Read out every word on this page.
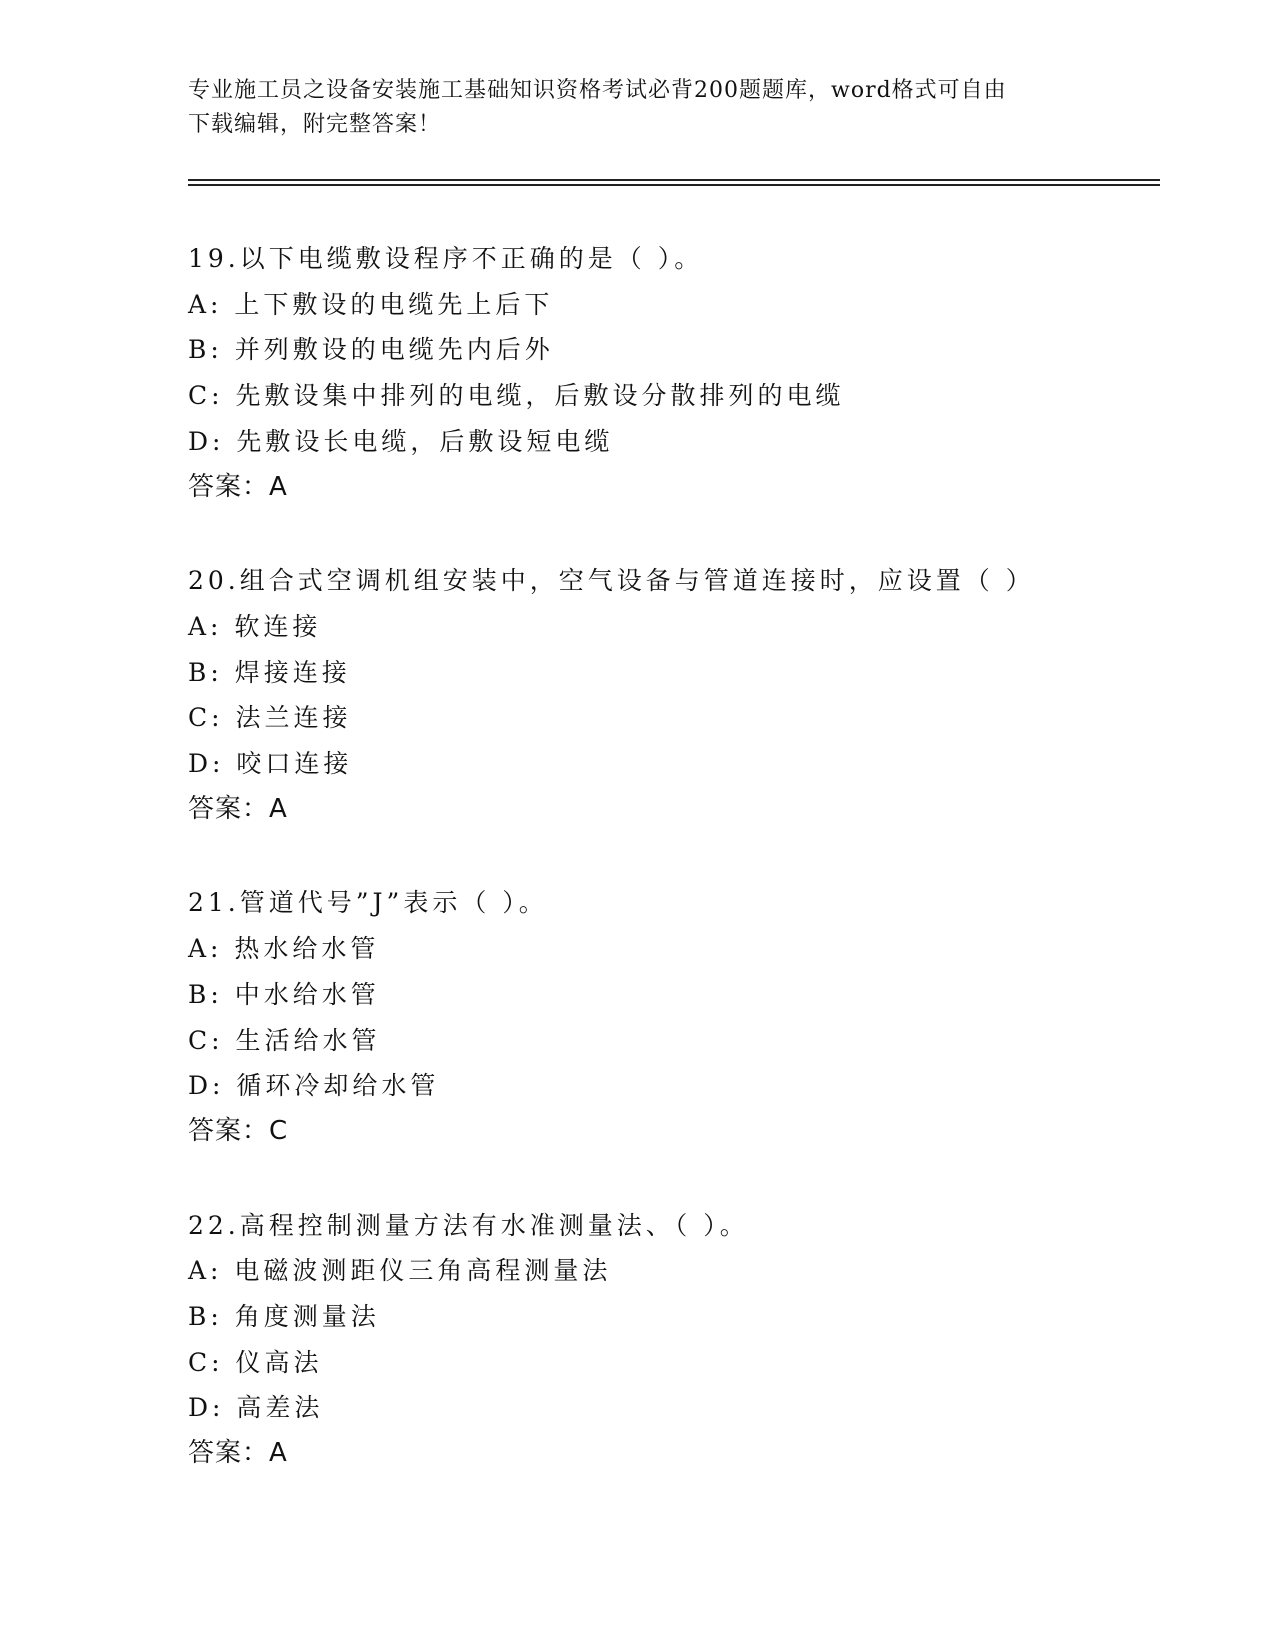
专业施工员之设备安装施工基础知识资格考试必背200题题库，word格式可自由
下载编辑，附完整答案！
19.以下电缆敷设程序不正确的是（ ）。
A: 上下敷设的电缆先上后下
B: 并列敷设的电缆先内后外
C: 先敷设集中排列的电缆，后敷设分散排列的电缆
D: 先敷设长电缆，后敷设短电缆
答案：A
20.组合式空调机组安装中，空气设备与管道连接时，应设置（ ）
A: 软连接
B: 焊接连接
C: 法兰连接
D: 咬口连接
答案：A
21.管道代号”J”表示（ ）。
A: 热水给水管
B: 中水给水管
C: 生活给水管
D: 循环冷却给水管
答案：C
22.高程控制测量方法有水准测量法、（ ）。
A: 电磁波测距仪三角高程测量法
B: 角度测量法
C: 仪高法
D: 高差法
答案：A
